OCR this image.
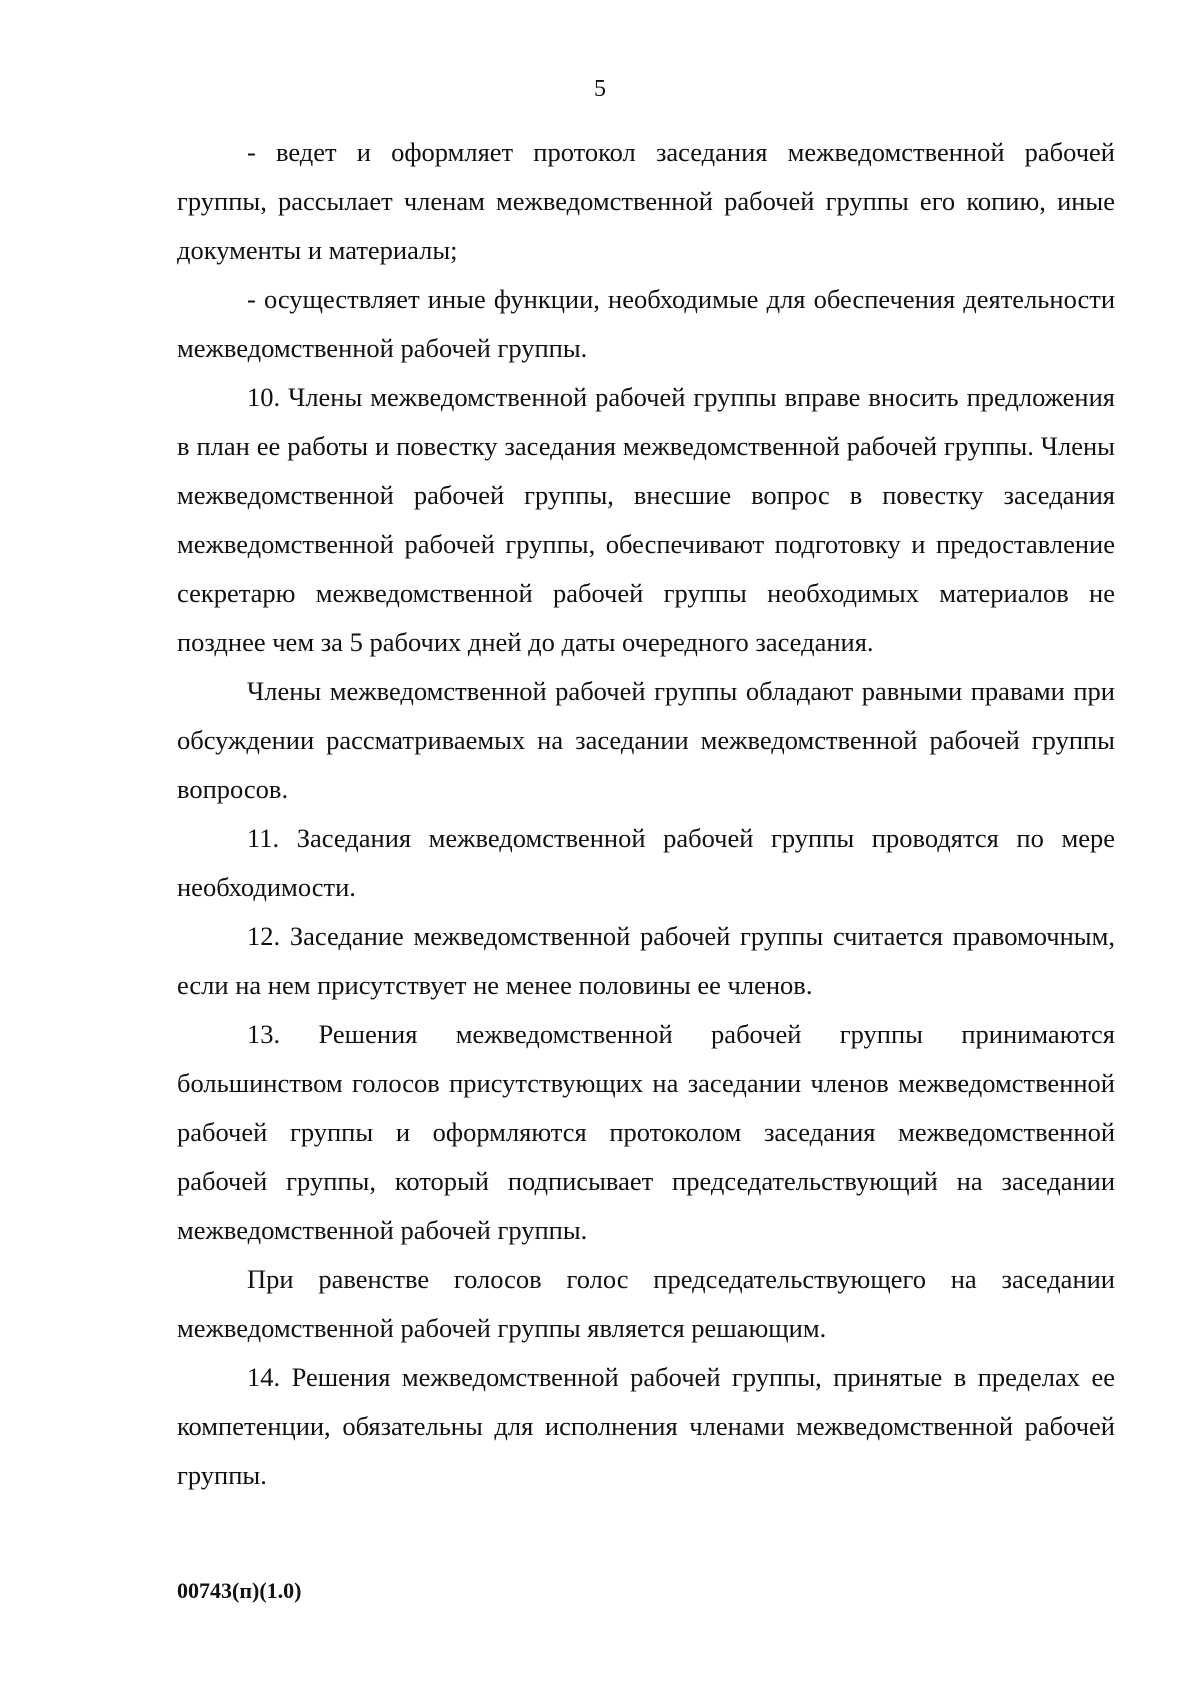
5

- ведет и оформляет протокол заседания межведомственной рабочей группы, рассылает членам межведомственной рабочей группы его копию, иные документы и материалы;

- осуществляет иные функции, необходимые для обеспечения деятельности межведомственной рабочей группы.

10. Члены межведомственной рабочей группы вправе вносить предложения в план ее работы и повестку заседания межведомственной рабочей группы. Члены межведомственной рабочей группы, внесшие вопрос в повестку заседания межведомственной рабочей группы, обеспечивают подготовку и предоставление секретарю межведомственной рабочей группы необходимых материалов не позднее чем за 5 рабочих дней до даты очередного заседания.

Члены межведомственной рабочей группы обладают равными правами при обсуждении рассматриваемых на заседании межведомственной рабочей группы вопросов.

11. Заседания межведомственной рабочей группы проводятся по мере необходимости.

12. Заседание межведомственной рабочей группы считается правомочным, если на нем присутствует не менее половины ее членов.

13. Решения межведомственной рабочей группы принимаются большинством голосов присутствующих на заседании членов межведомственной рабочей группы и оформляются протоколом заседания межведомственной рабочей группы, который подписывает председательствующий на заседании межведомственной рабочей группы.

При равенстве голосов голос председательствующего на заседании межведомственной рабочей группы является решающим.

14. Решения межведомственной рабочей группы, принятые в пределах ее компетенции, обязательны для исполнения членами межведомственной рабочей группы.

00743(п)(1.0)
